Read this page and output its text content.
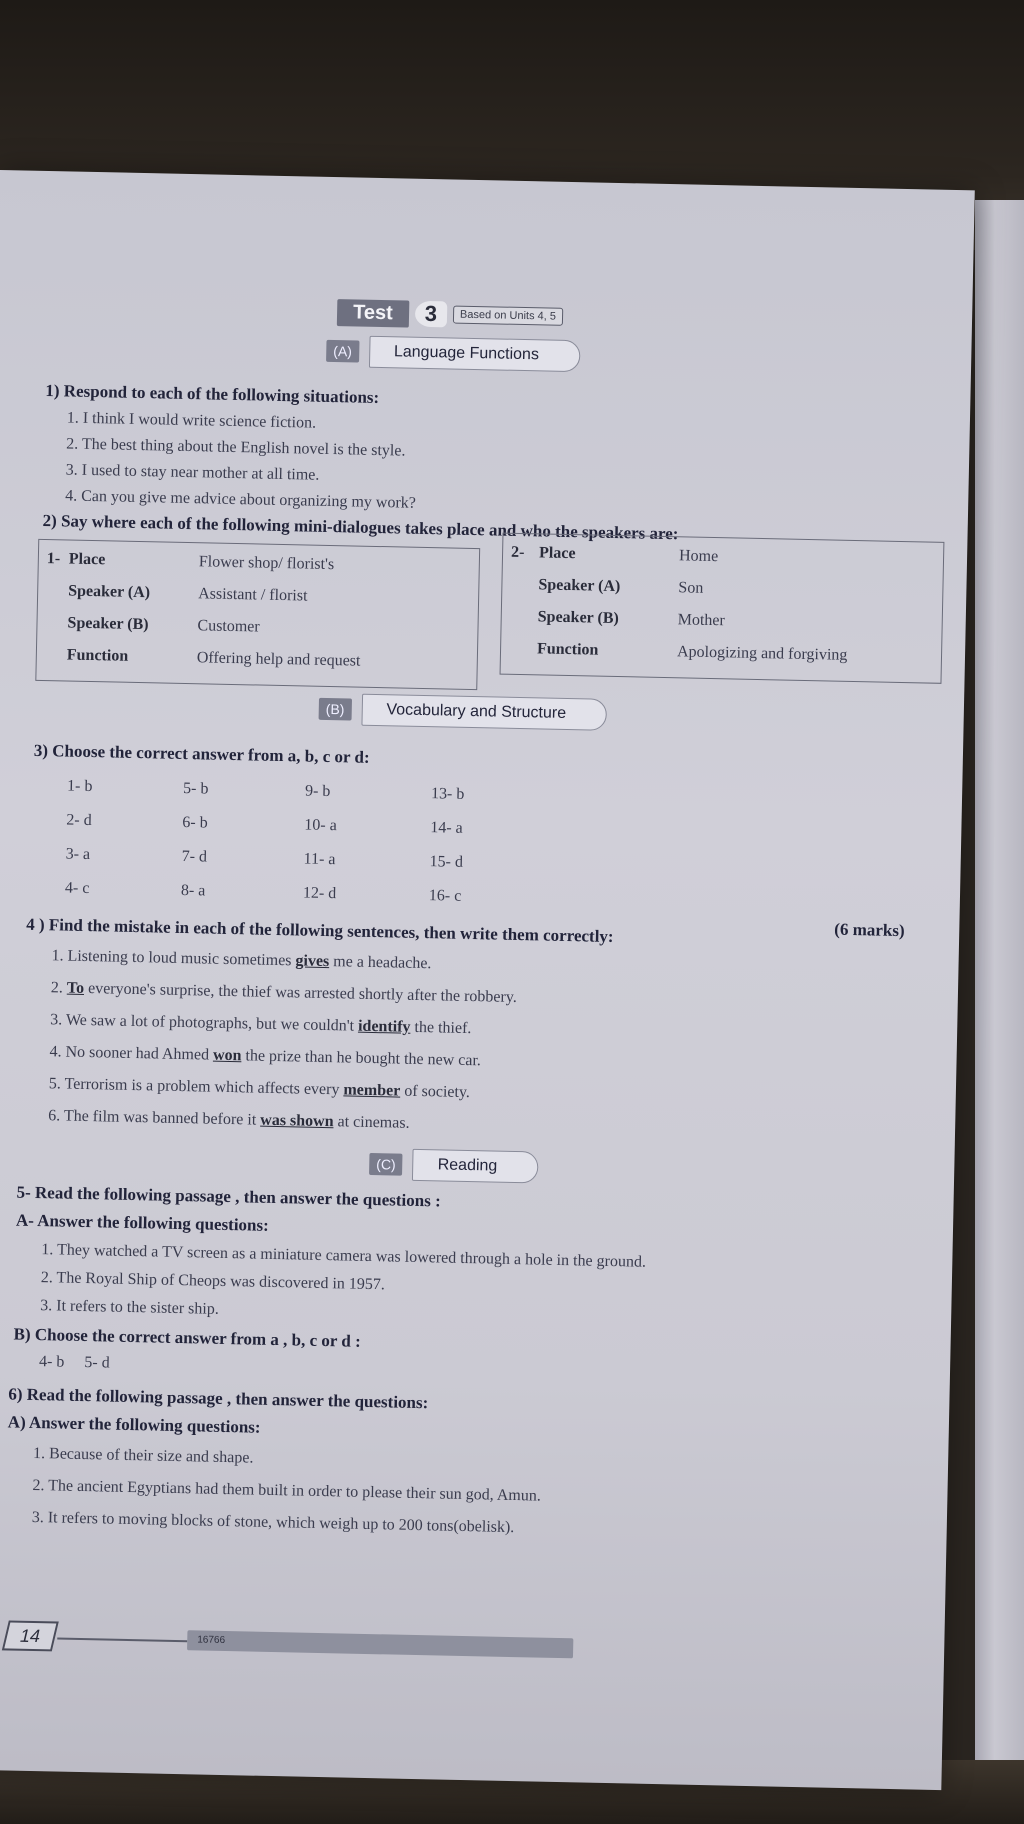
Test	3	Based on Units 4, 5
(A)	Language Functions
1) Respond to each of the following situations:
1. I think I would write science fiction.
2. The best thing about the English novel is the style.
3. I used to stay near mother at all time.
4. Can you give me advice about organizing my work?
2) Say where each of the following mini-dialogues takes place and who the speakers are:
1- Place	Flower shop/ florist's
Speaker (A)	Assistant / florist
Speaker (B)	Customer
Function	Offering help and request
2- Place	Home
Speaker (A)	Son
Speaker (B)	Mother
Function	Apologizing and forgiving
(B)	Vocabulary and Structure
3) Choose the correct answer from a, b, c or d:
1- b	5- b	9- b	13- b
2- d	6- b	10- a	14- a
3- a	7- d	11- a	15- d
4- c	8- a	12- d	16- c
4 ) Find the mistake in each of the following sentences, then write them correctly:	(6 marks)
1. Listening to loud music sometimes gives me a headache.
2. To everyone's surprise, the thief was arrested shortly after the robbery.
3. We saw a lot of photographs, but we couldn't identify the thief.
4. No sooner had Ahmed won the prize than he bought the new car.
5. Terrorism is a problem which affects every member of society.
6. The film was banned before it was shown at cinemas.
(C)	Reading
5- Read the following passage , then answer the questions :
A- Answer the following questions:
1. They watched a TV screen as a miniature camera was lowered through a hole in the ground.
2. The Royal Ship of Cheops was discovered in 1957.
3. It refers to the sister ship.
B) Choose the correct answer from a , b, c or d :
4- b     5- d
6) Read the following passage , then answer the questions:
A) Answer the following questions:
1. Because of their size and shape.
2. The ancient Egyptians had them built in order to please their sun god, Amun.
3. It refers to moving blocks of stone, which weigh up to 200 tons(obelisk).
14	16766
